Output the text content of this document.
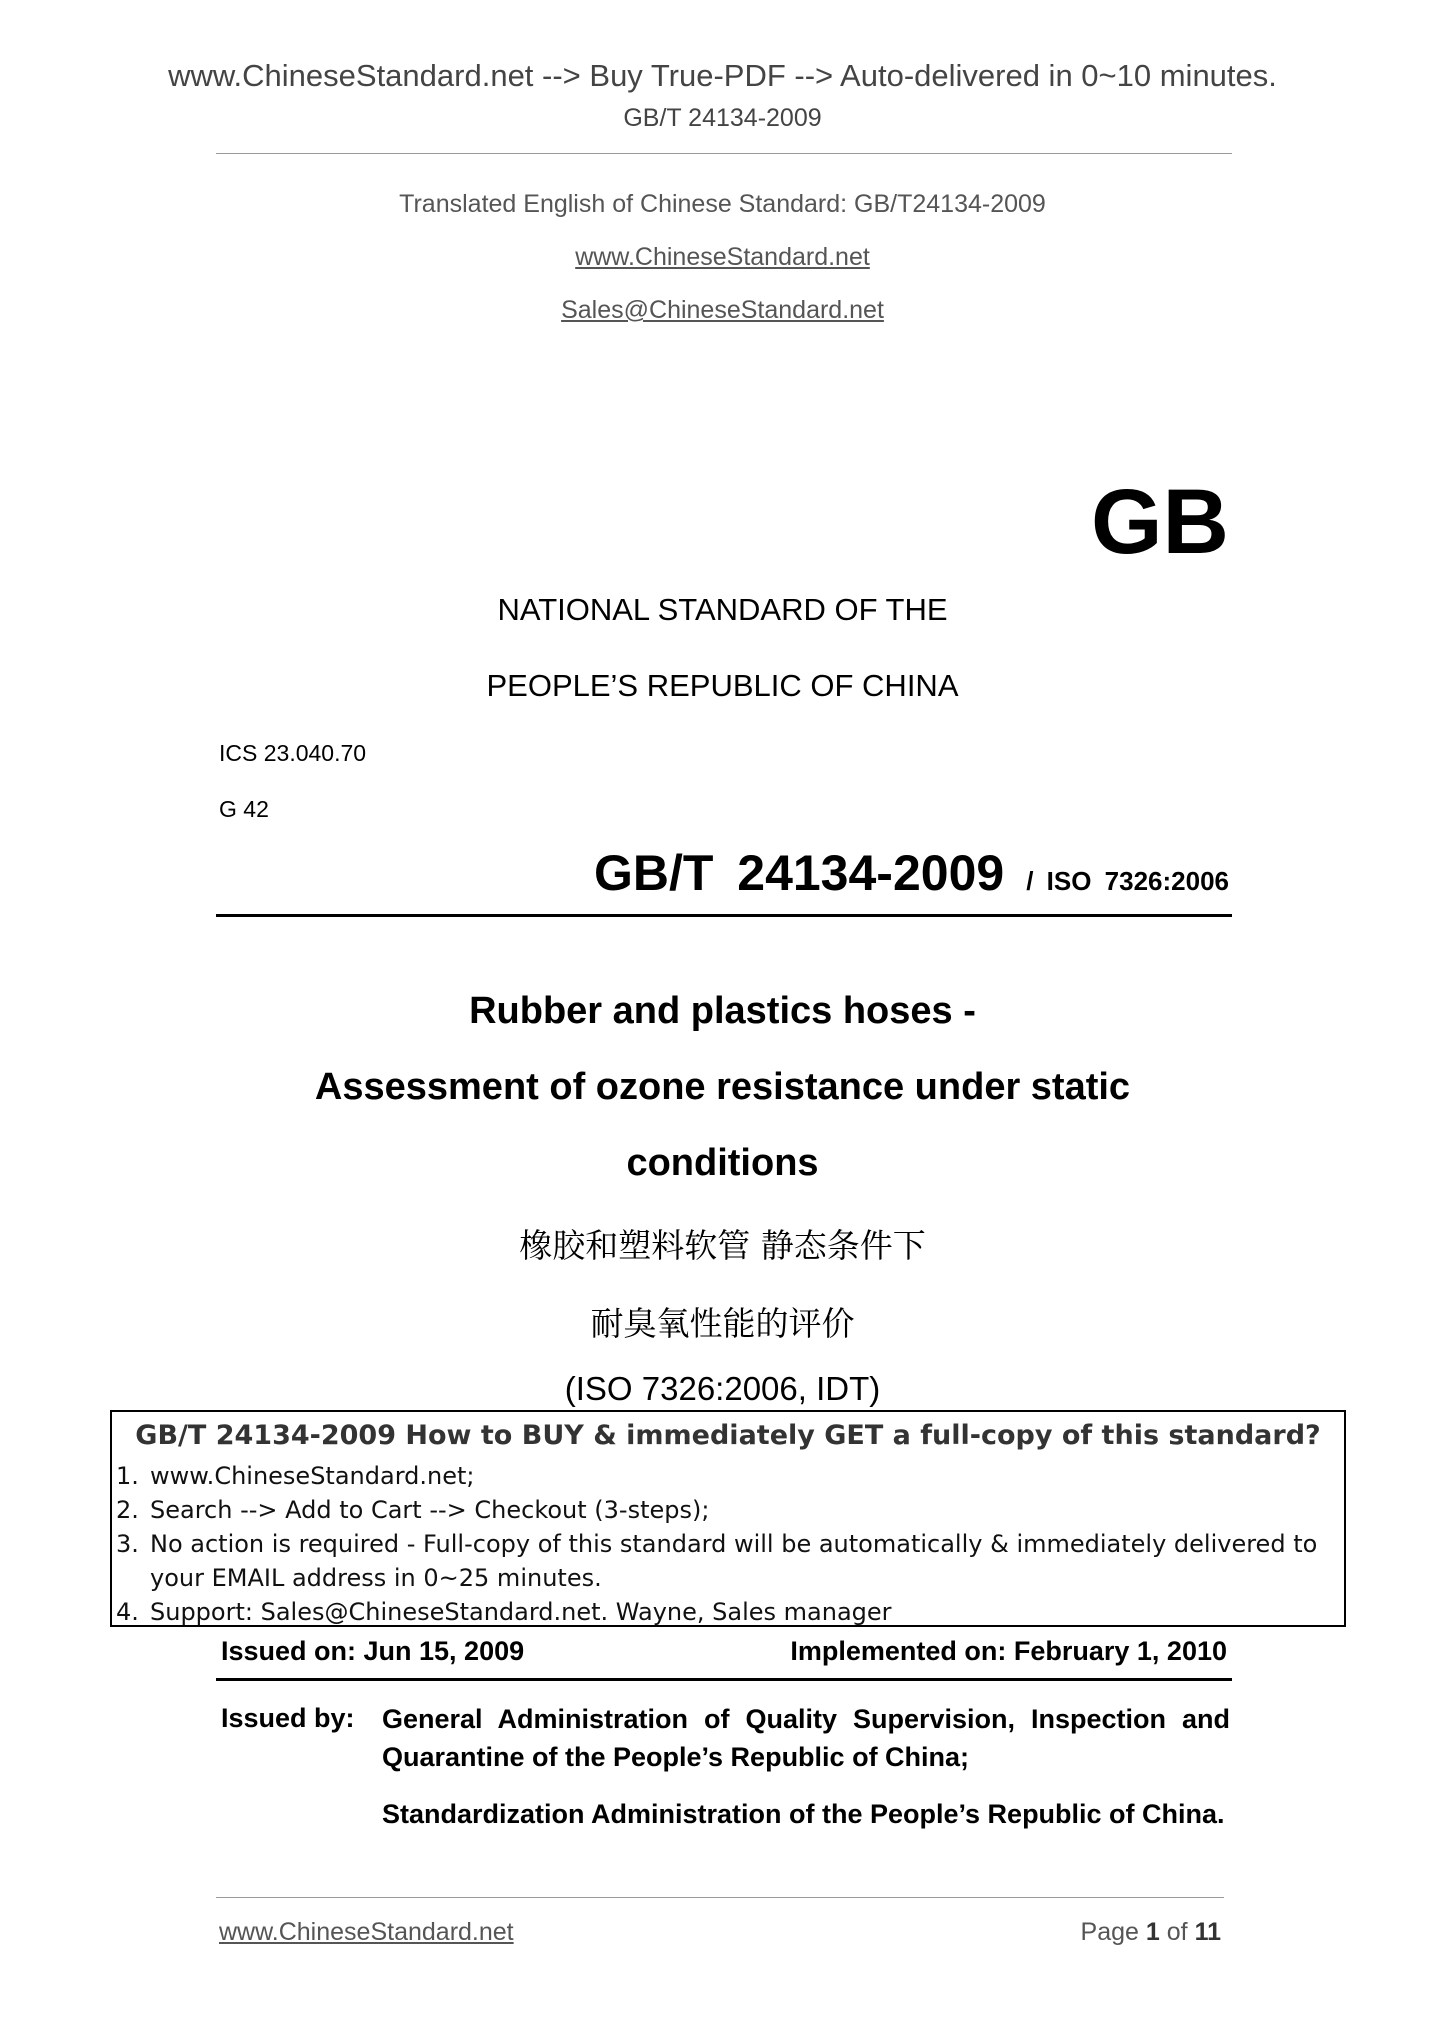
www.ChineseStandard.net --> Buy True-PDF --> Auto-delivered in 0~10 minutes.
GB/T 24134-2009
Translated English of Chinese Standard: GB/T24134-2009
www.ChineseStandard.net
Sales@ChineseStandard.net
GB
NATIONAL STANDARD OF THE
PEOPLE’S REPUBLIC OF CHINA
ICS 23.040.70
G 42
GB/T 24134-2009 / ISO 7326:2006
Rubber and plastics hoses -
Assessment of ozone resistance under static
conditions
橡胶和塑料软管 静态条件下
耐臭氧性能的评价
(ISO 7326:2006, IDT)
GB/T 24134-2009 How to BUY & immediately GET a full-copy of this standard?
1. www.ChineseStandard.net;
2. Search --> Add to Cart --> Checkout (3-steps);
3. No action is required - Full-copy of this standard will be automatically & immediately delivered to
your EMAIL address in 0~25 minutes.
4. Support: Sales@ChineseStandard.net. Wayne, Sales manager
Issued on: Jun 15, 2009	Implemented on: February 1, 2010
Issued by: General Administration of Quality Supervision, Inspection and Quarantine of the People’s Republic of China;
Standardization Administration of the People’s Republic of China.
www.ChineseStandard.net	Page 1 of 11
